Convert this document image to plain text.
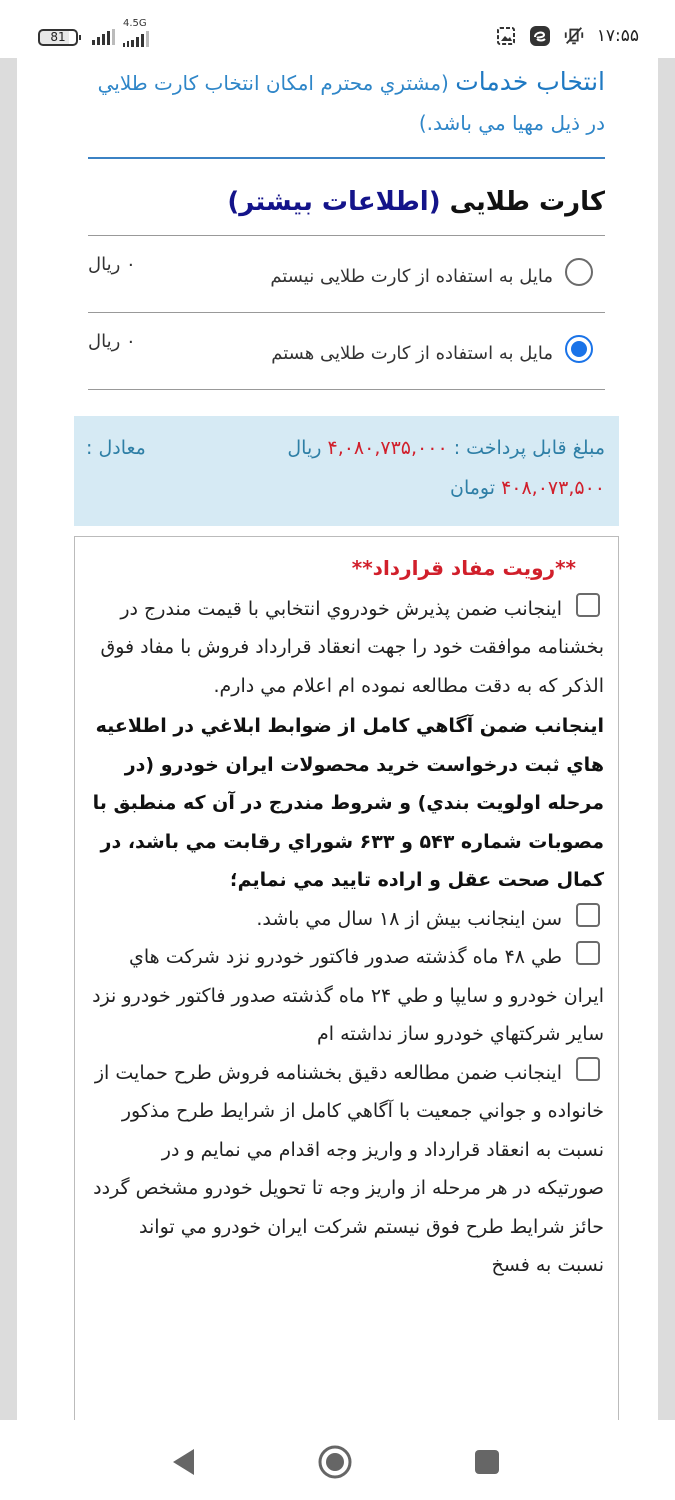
81
4.5G
۱۷:۵۵
انتخاب خدمات (مشتري محترم امکان انتخاب کارت طلايي در ذيل مهيا مي باشد.)
کارت طلایی (اطلاعات بیشتر)
مایل به استفاده از کارت طلایی نیستم
۰ ریال
مایل به استفاده از کارت طلایی هستم
۰ ریال
مبلغ قابل پرداخت : ۴,۰۸۰,۷۳۵,۰۰۰ ریال
معادل :
۴۰۸,۰۷۳,۵۰۰ تومان
**رويت مفاد قرارداد**
اينجانب ضمن پذيرش خودروي انتخابي با قيمت مندرج در بخشنامه موافقت خود را جهت انعقاد قرارداد فروش با مفاد فوق الذکر که به دقت مطالعه نموده ام اعلام مي دارم.
اينجانب ضمن آگاهي کامل از ضوابط ابلاغي در اطلاعيه هاي ثبت درخواست خريد محصولات ايران خودرو (در مرحله اولويت بندي) و شروط مندرج در آن که منطبق با مصوبات شماره ۵۴۳ و ۶۳۳ شوراي رقابت مي باشد، در کمال صحت عقل و اراده تاييد مي نمايم؛
سن اينجانب بيش از ۱۸ سال مي باشد.
طي ۴۸ ماه گذشته صدور فاکتور خودرو نزد شرکت هاي ايران خودرو و سايپا و طي ۲۴ ماه گذشته صدور فاکتور خودرو نزد ساير شرکتهاي خودرو ساز نداشته ام
اينجانب ضمن مطالعه دقيق بخشنامه فروش طرح حمايت از خانواده و جواني جمعيت با آگاهي کامل از شرايط طرح مذکور نسبت به انعقاد قرارداد و واريز وجه اقدام مي نمايم و در صورتيکه در هر مرحله از واريز وجه تا تحويل خودرو مشخص گردد حائز شرايط طرح فوق نيستم شرکت ايران خودرو مي تواند نسبت به فسخ
